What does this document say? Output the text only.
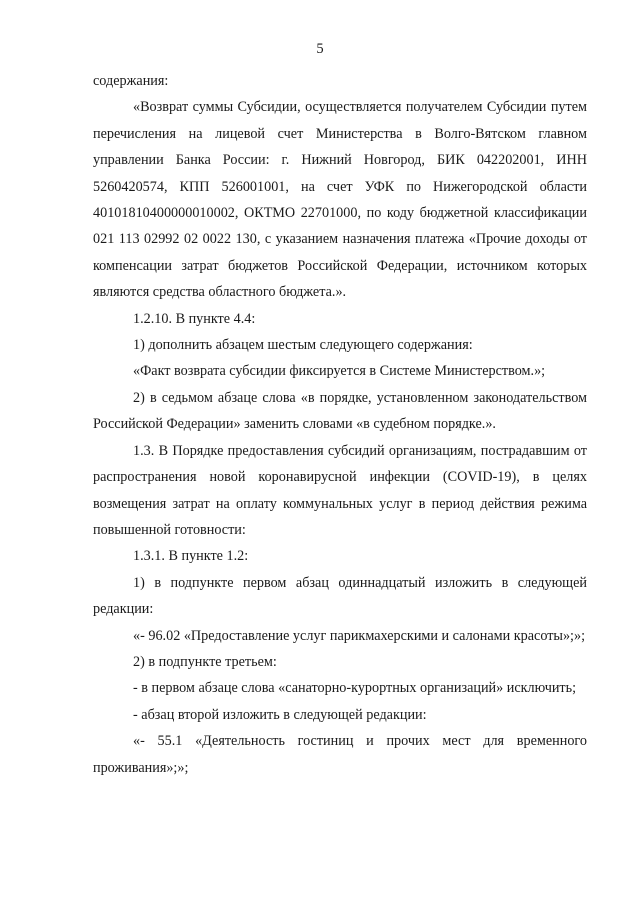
5

содержания:

«Возврат суммы Субсидии, осуществляется получателем Субсидии путем перечисления на лицевой счет Министерства в Волго-Вятском главном управлении Банка России: г. Нижний Новгород, БИК 042202001, ИНН 5260420574, КПП 526001001, на счет УФК по Нижегородской области 40101810400000010002, ОКТМО 22701000, по коду бюджетной классификации 021 113 02992 02 0022 130, с указанием назначения платежа «Прочие доходы от компенсации затрат бюджетов Российской Федерации, источником которых являются средства областного бюджета.».

1.2.10. В пункте 4.4:

1) дополнить абзацем шестым следующего содержания:

«Факт возврата субсидии фиксируется в Системе Министерством.»;

2) в седьмом абзаце слова «в порядке, установленном законодательством Российской Федерации» заменить словами «в судебном порядке.».

1.3. В Порядке предоставления субсидий организациям, пострадавшим от распространения новой коронавирусной инфекции (COVID-19), в целях возмещения затрат на оплату коммунальных услуг в период действия режима повышенной готовности:

1.3.1. В пункте 1.2:

1) в подпункте первом абзац одиннадцатый изложить в следующей редакции:

«- 96.02 «Предоставление услуг парикмахерскими и салонами красоты»;»;

2) в подпункте третьем:

- в первом абзаце слова «санаторно-курортных организаций» исключить;

- абзац второй изложить в следующей редакции:

«- 55.1 «Деятельность гостиниц и прочих мест для временного проживания»;»;
